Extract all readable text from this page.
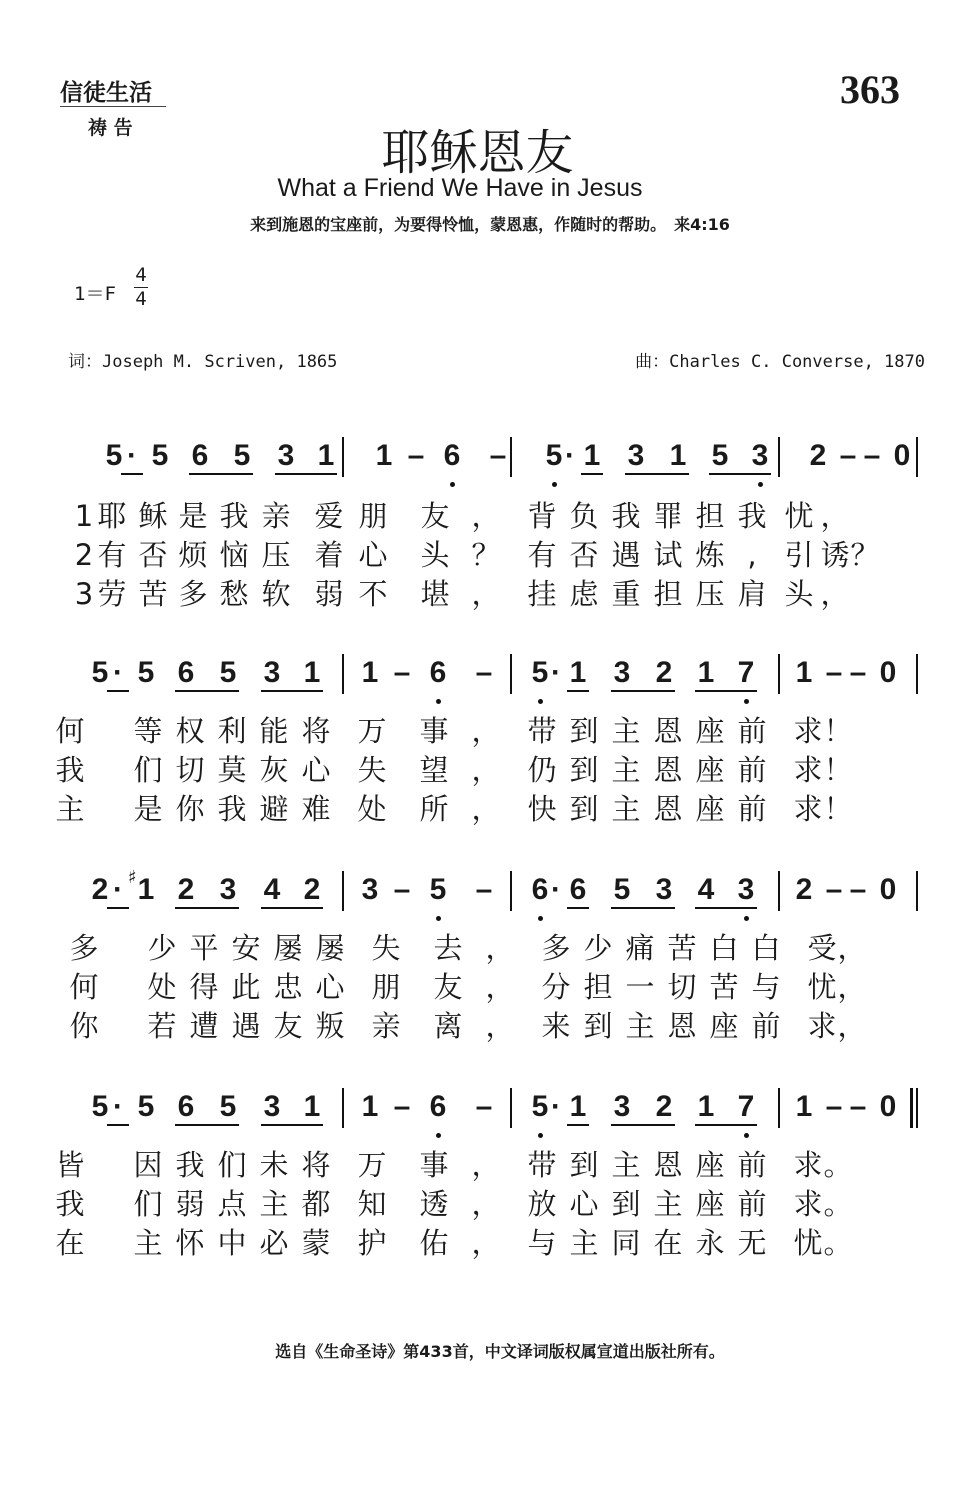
信徒生活
祷 告
363
耶稣恩友
What a Friend We Have in Jesus
来到施恩的宝座前，为要得怜恤，蒙恩惠，作随时的帮助。　来4:16
1＝F
4
4
词：Joseph M. Scriven, 1865	曲：Charles C. Converse, 1870
5 · 5 6 5 3 1 1 – 6 – 5 · 1 3 1 5 3 2 – – 0
1 耶 稣 是 我 亲 爱 朋 友 ， 背 负 我 罪 担 我 忧 ，
2 有 否 烦 恼 压 着 心 头 ？ 有 否 遇 试 炼 , 引 诱 ？
3 劳 苦 多 愁 软 弱 不 堪 ， 挂 虑 重 担 压 肩 头 ，
5 · 5 6 5 3 1 1 – 6 – 5 · 1 3 2 1 7 1 – – 0
何 等 权 利 能 将 万 事 ， 带 到 主 恩 座 前 求 ！
我 们 切 莫 灰 心 失 望 ， 仍 到 主 恩 座 前 求 ！
主 是 你 我 避 难 处 所 ， 快 到 主 恩 座 前 求 ！
2 · 1 2 3 4 2 3 – 5 – 6 · 6 5 3 4 3 2 – – 0
♯
多 少 平 安 屡 屡 失 去 ， 多 少 痛 苦 白 白 受 ，
何 处 得 此 忠 心 朋 友 ， 分 担 一 切 苦 与 忧 ，
你 若 遭 遇 友 叛 亲 离 ， 来 到 主 恩 座 前 求 ，
5 · 5 6 5 3 1 1 – 6 – 5 · 1 3 2 1 7 1 – – 0
皆 因 我 们 未 将 万 事 ， 带 到 主 恩 座 前 求 。
我 们 弱 点 主 都 知 透 ， 放 心 到 主 座 前 求 。
在 主 怀 中 必 蒙 护 佑 ， 与 主 同 在 永 无 忧 。
选自《生命圣诗》第433首，中文译词版权属宣道出版社所有。
